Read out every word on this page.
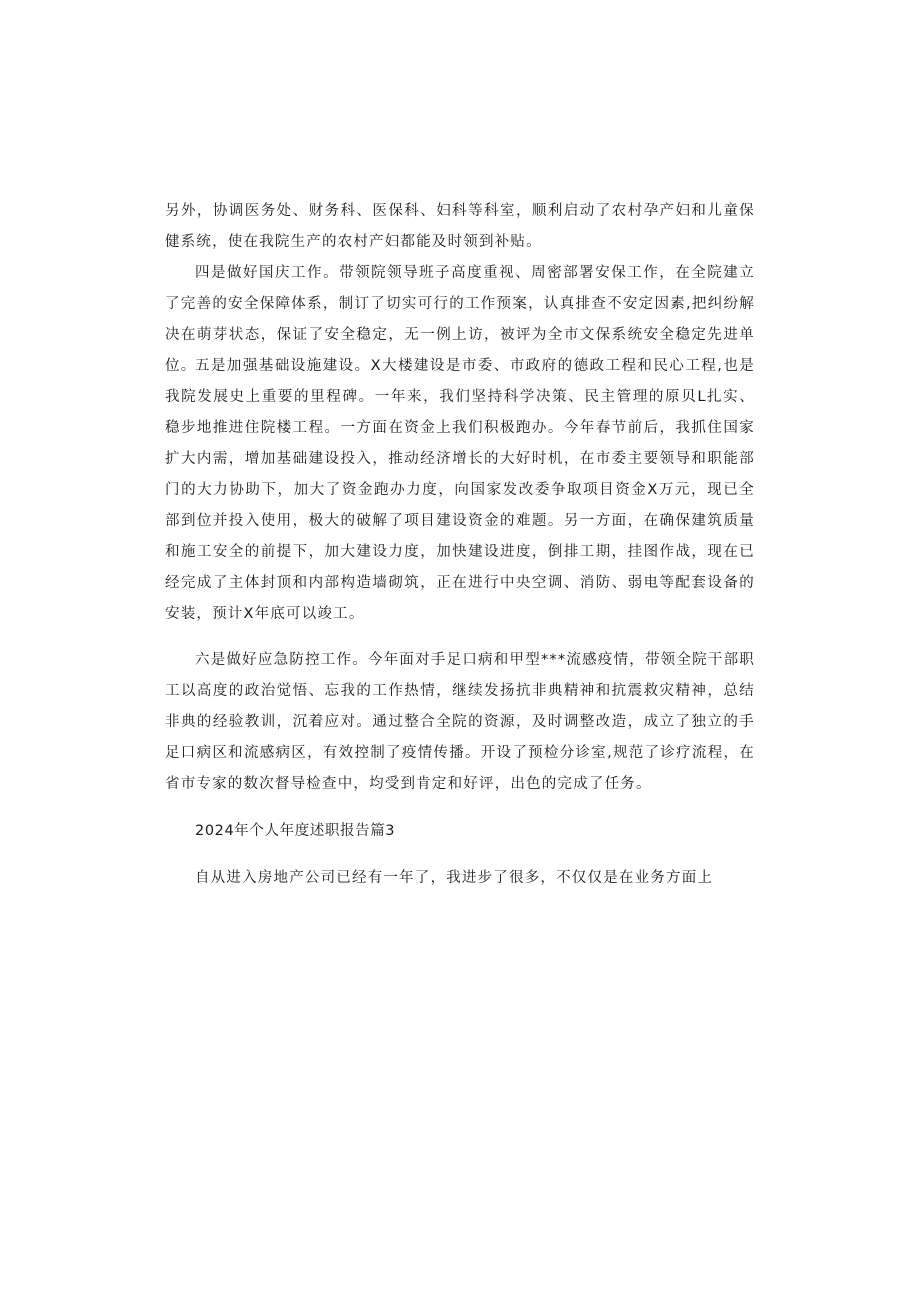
另外，协调医务处、财务科、医保科、妇科等科室，顺利启动了农村孕产妇和儿童保健系统，使在我院生产的农村产妇都能及时领到补贴。

四是做好国庆工作。带领院领导班子高度重视、周密部署安保工作，在全院建立了完善的安全保障体系，制订了切实可行的工作预案，认真排查不安定因素,把纠纷解决在萌芽状态，保证了安全稳定，无一例上访，被评为全市文保系统安全稳定先进单位。

五是加强基础设施建设。X大楼建设是市委、市政府的德政工程和民心工程,也是我院发展史上重要的里程碑。一年来，我们坚持科学决策、民主管理的原贝L扎实、稳步地推进住院楼工程。一方面在资金上我们积极跑办。今年春节前后，我抓住国家扩大内需，增加基础建设投入，推动经济增长的大好时机，在市委主要领导和职能部门的大力协助下，加大了资金跑办力度，向国家发改委争取项目资金X万元，现已全部到位并投入使用，极大的破解了项目建设资金的难题。另一方面，在确保建筑质量和施工安全的前提下，加大建设力度，加快建设进度，倒排工期，挂图作战，现在已经完成了主体封顶和内部构造墙砌筑，正在进行中央空调、消防、弱电等配套设备的安装，预计X年底可以竣工。

六是做好应急防控工作。今年面对手足口病和甲型***流感疫情，带领全院干部职工以高度的政治觉悟、忘我的工作热情，继续发扬抗非典精神和抗震救灾精神，总结非典的经验教训，沉着应对。通过整合全院的资源，及时调整改造，成立了独立的手足口病区和流感病区，有效控制了疫情传播。开设了预检分诊室,规范了诊疗流程，在省市专家的数次督导检查中，均受到肯定和好评，出色的完成了任务。

2024年个人年度述职报告篇3

自从进入房地产公司已经有一年了，我进步了很多，不仅仅是在业务方面上
